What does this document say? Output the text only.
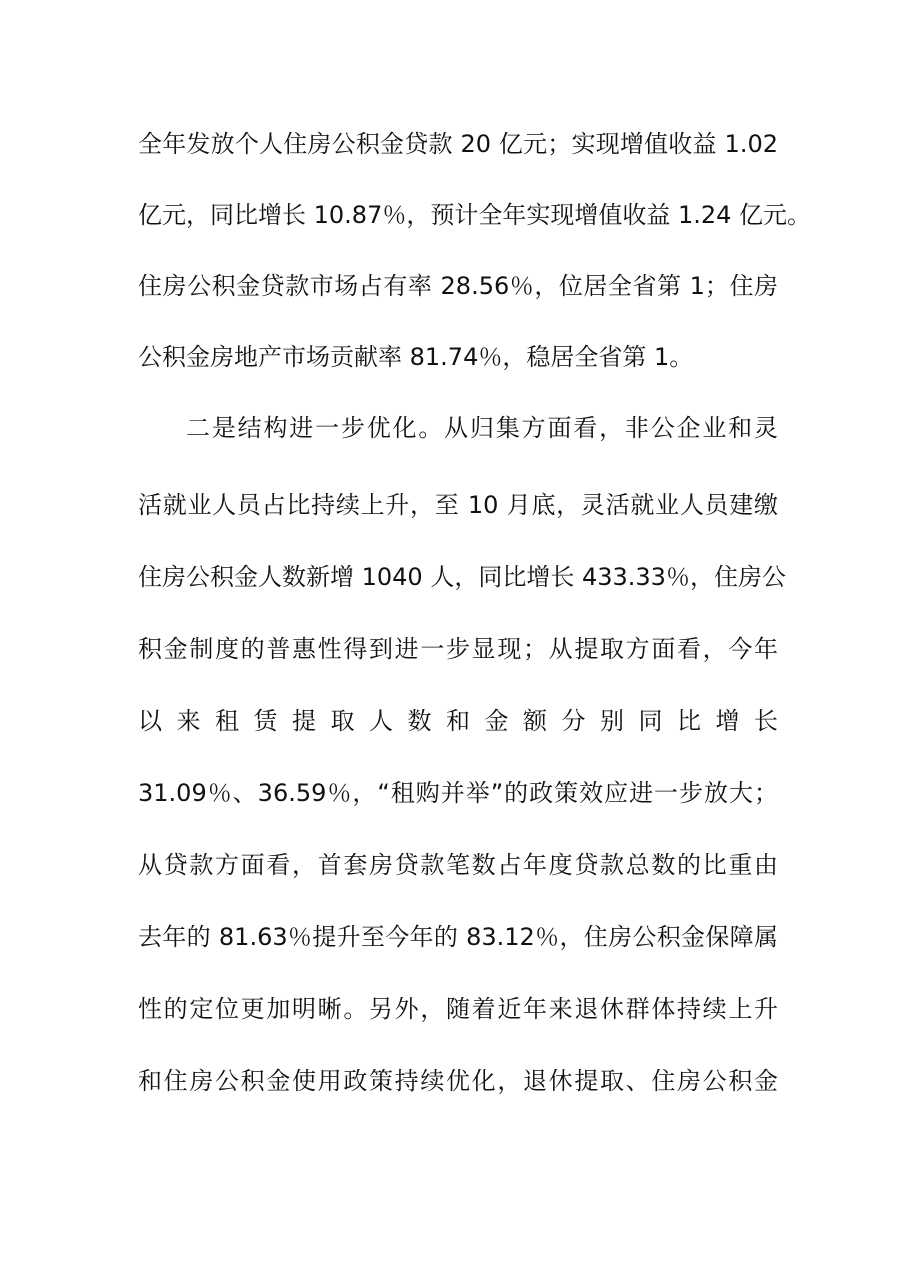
全年发放个人住房公积金贷款 20 亿元；实现增值收益 1.02
亿元，同比增长 10.87％，预计全年实现增值收益 1.24 亿元。
住房公积金贷款市场占有率 28.56％，位居全省第 1；住房
公积金房地产市场贡献率 81.74％，稳居全省第 1。
二是结构进一步优化。从归集方面看，非公企业和灵
活就业人员占比持续上升，至 10 月底，灵活就业人员建缴
住房公积金人数新增 1040 人，同比增长 433.33％，住房公
积金制度的普惠性得到进一步显现；从提取方面看，今年
以来租赁提取人数和金额分别同比增长
31.09％、36.59％，“租购并举”的政策效应进一步放大；
从贷款方面看，首套房贷款笔数占年度贷款总数的比重由
去年的 81.63％提升至今年的 83.12％，住房公积金保障属
性的定位更加明晰。另外，随着近年来退休群体持续上升
和住房公积金使用政策持续优化，退休提取、住房公积金
